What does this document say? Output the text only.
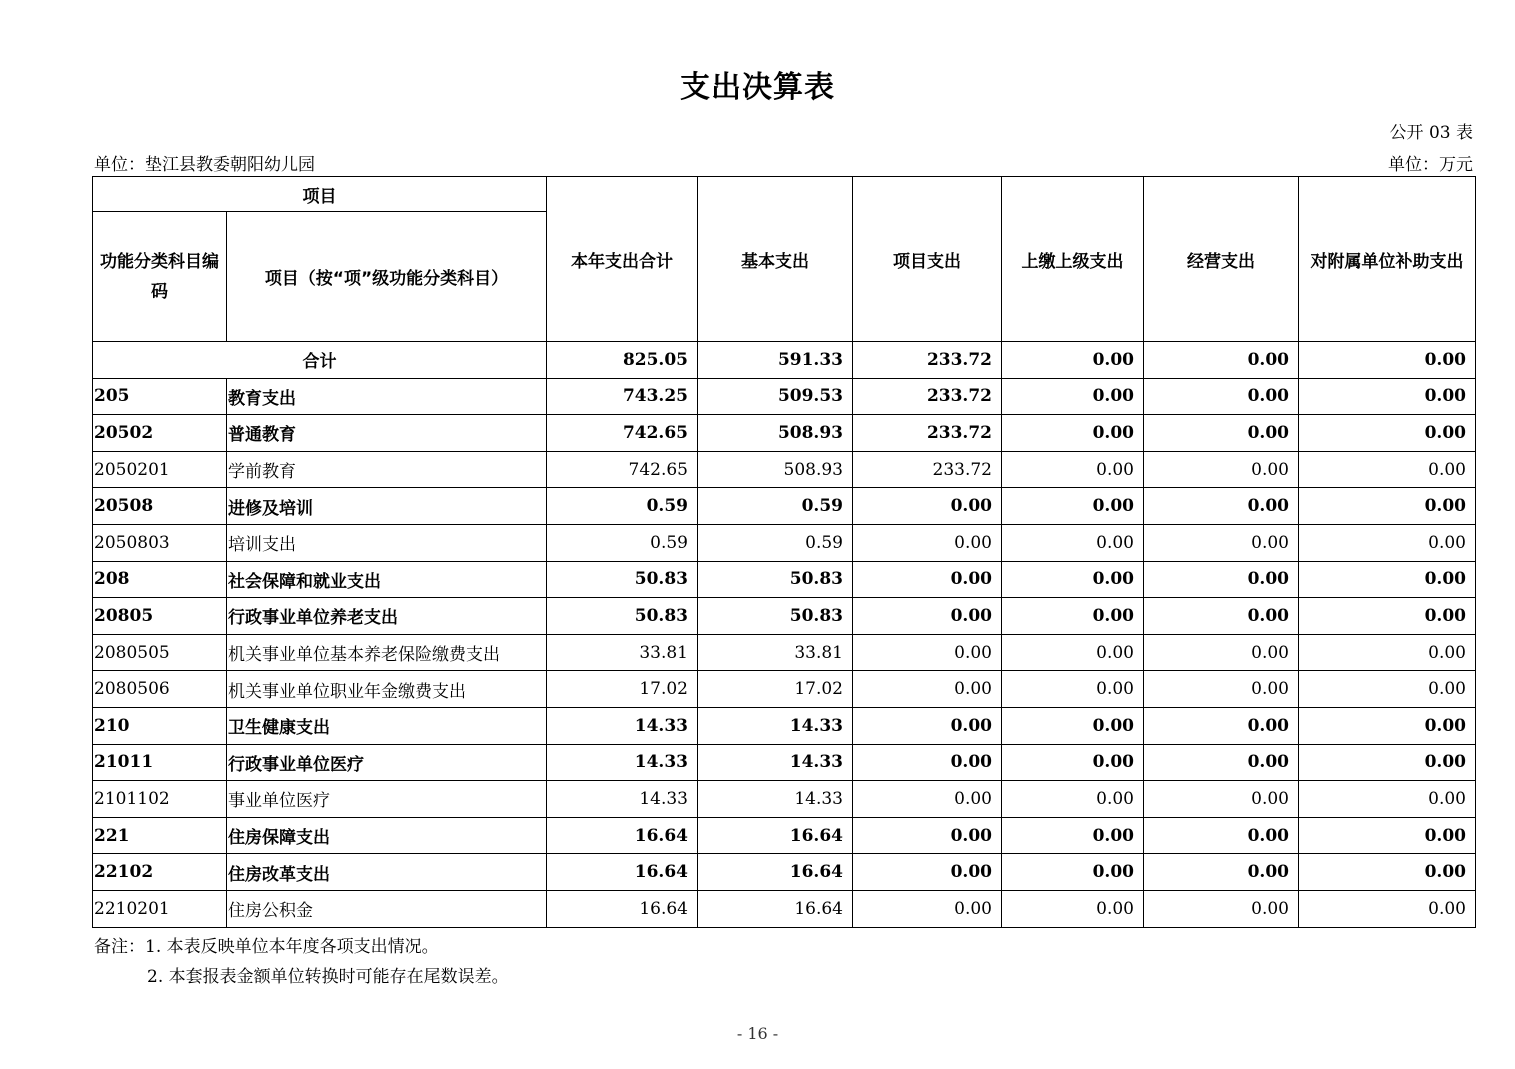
支出决算表
公开 03 表
单位：垫江县教委朝阳幼儿园	单位：万元
项目		本年支出合计	基本支出	项目支出	上缴上级支出	经营支出	对附属单位补助支出
功能分类科目编码	项目（按“项”级功能分类科目）						
合计		825.05	591.33	233.72	0.00	0.00	0.00
205	教育支出	743.25	509.53	233.72	0.00	0.00	0.00
20502	普通教育	742.65	508.93	233.72	0.00	0.00	0.00
2050201	学前教育	742.65	508.93	233.72	0.00	0.00	0.00
20508	进修及培训	0.59	0.59	0.00	0.00	0.00	0.00
2050803	培训支出	0.59	0.59	0.00	0.00	0.00	0.00
208	社会保障和就业支出	50.83	50.83	0.00	0.00	0.00	0.00
20805	行政事业单位养老支出	50.83	50.83	0.00	0.00	0.00	0.00
2080505	机关事业单位基本养老保险缴费支出	33.81	33.81	0.00	0.00	0.00	0.00
2080506	机关事业单位职业年金缴费支出	17.02	17.02	0.00	0.00	0.00	0.00
210	卫生健康支出	14.33	14.33	0.00	0.00	0.00	0.00
21011	行政事业单位医疗	14.33	14.33	0.00	0.00	0.00	0.00
2101102	事业单位医疗	14.33	14.33	0.00	0.00	0.00	0.00
221	住房保障支出	16.64	16.64	0.00	0.00	0.00	0.00
22102	住房改革支出	16.64	16.64	0.00	0.00	0.00	0.00
2210201	住房公积金	16.64	16.64	0.00	0.00	0.00	0.00
备注：1. 本表反映单位本年度各项支出情况。
2. 本套报表金额单位转换时可能存在尾数误差。
- 16 -
